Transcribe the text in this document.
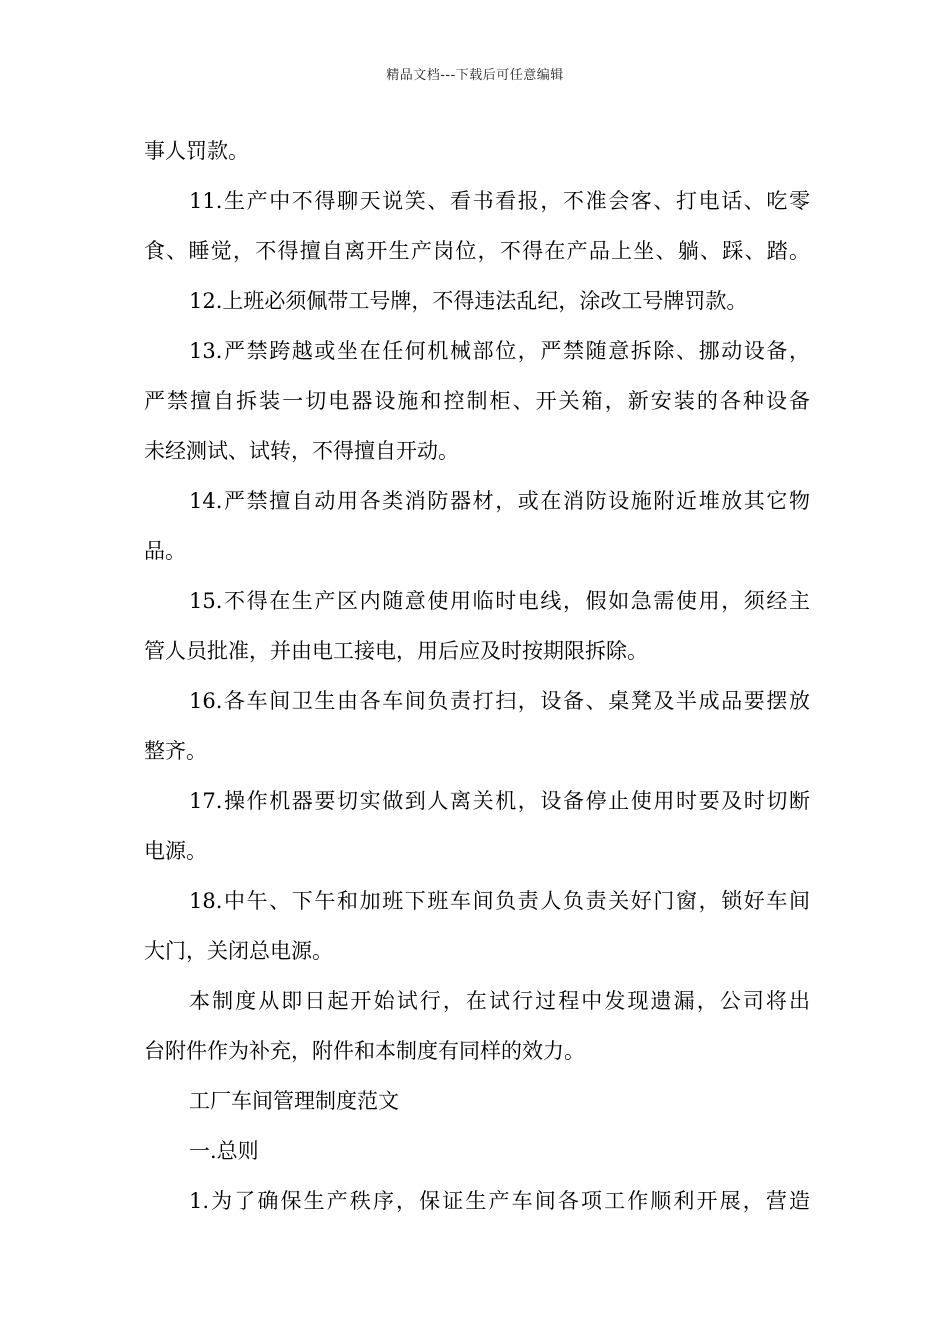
精品文档---下载后可任意编辑
事人罚款。
11.生产中不得聊天说笑、看书看报，不准会客、打电话、吃零
食、睡觉，不得擅自离开生产岗位，不得在产品上坐、躺、踩、踏。
12.上班必须佩带工号牌，不得违法乱纪，涂改工号牌罚款。
13.严禁跨越或坐在任何机械部位，严禁随意拆除、挪动设备，
严禁擅自拆装一切电器设施和控制柜、开关箱，新安装的各种设备
未经测试、试转，不得擅自开动。
14.严禁擅自动用各类消防器材，或在消防设施附近堆放其它物
品。
15.不得在生产区内随意使用临时电线，假如急需使用，须经主
管人员批准，并由电工接电，用后应及时按期限拆除。
16.各车间卫生由各车间负责打扫，设备、桌凳及半成品要摆放
整齐。
17.操作机器要切实做到人离关机，设备停止使用时要及时切断
电源。
18.中午、下午和加班下班车间负责人负责关好门窗，锁好车间
大门，关闭总电源。
本制度从即日起开始试行，在试行过程中发现遗漏，公司将出
台附件作为补充，附件和本制度有同样的效力。
工厂车间管理制度范文
一.总则
1.为了确保生产秩序，保证生产车间各项工作顺利开展，营造
